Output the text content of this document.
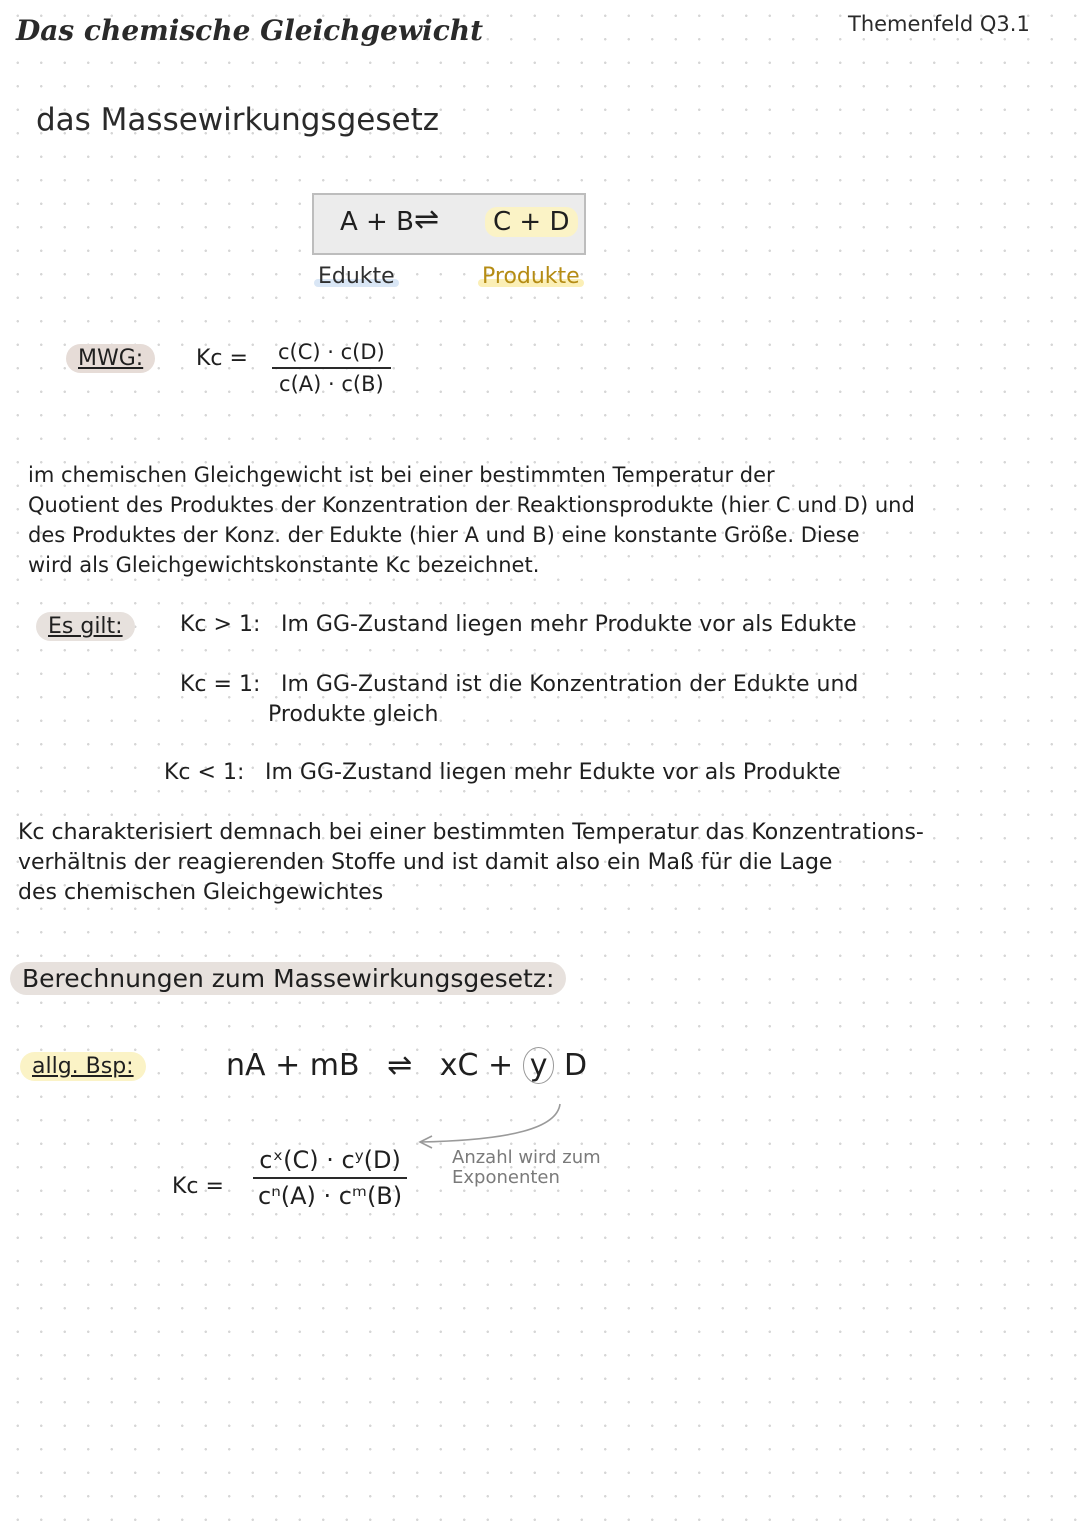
Das chemische Gleichgewicht	Themenfeld Q3.1
das Massewirkungsgesetz
A + B ⇌	C + D
Edukte	Produkte
MWG:	$Kc = \frac{c(C) \cdot c(D)}{c(A) \cdot c(B)}$

im chemischen Gleichgewicht ist bei einer bestimmten Temperatur der

Quotient des Produktes der Konzentration der Reaktionsprodukte (hier C und D) und

des Produktes der Konz. der Edukte (hier A und B) eine konstante Größe. Diese

wird als Gleichgewichtskonstante Kc bezeichnet.

Es gilt:	Kc > 1: Im GG-Zustand liegen mehr Produkte vor als Edukte
Kc = 1: Im GG-Zustand ist die Konzentration der Edukte und
Produkte gleich
Kc < 1: Im GG-Zustand liegen mehr Edukte vor als Produkte

Kc charakterisiert demnach bei einer bestimmten Temperatur das Konzentrations-

verhältnis der reagierenden Stoffe und ist damit also ein Maß für die Lage

des chemischen Gleichgewichtes

Berechnungen zum Massewirkungsgesetz:
allg. Bsp:	nA + mB ⇌ xC + y D
$Kc = \frac{\text{cˣ(C) · cʸ(D)}}{\text{cⁿ(A) · cᵐ(B)}}$ Anzahl wird zum Exponenten
